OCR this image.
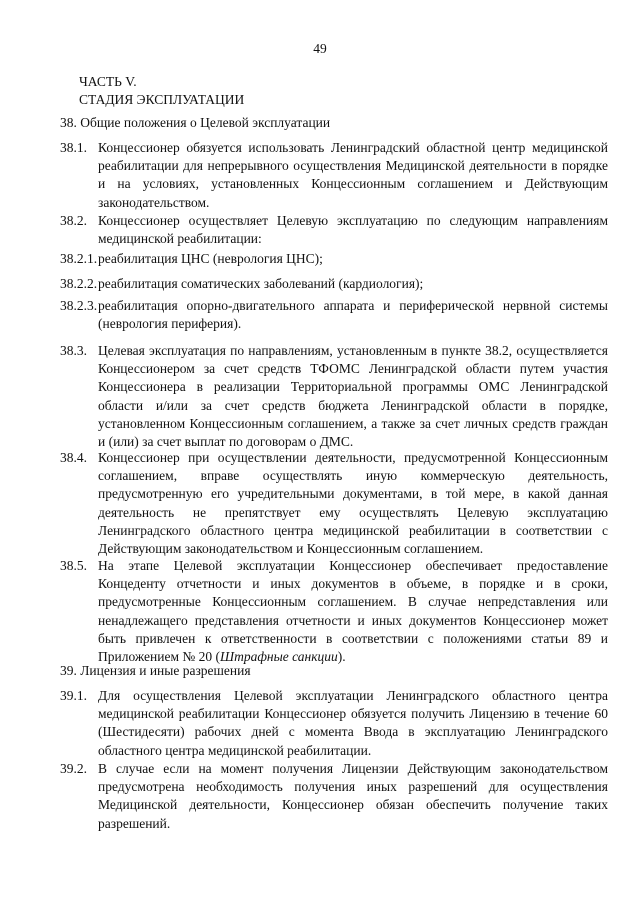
49
ЧАСТЬ V.
СТАДИЯ ЭКСПЛУАТАЦИИ
38. Общие положения о Целевой эксплуатации
38.1. Концессионер обязуется использовать Ленинградский областной центр медицинской реабилитации для непрерывного осуществления Медицинской деятельности в порядке и на условиях, установленных Концессионным соглашением и Действующим законодательством.
38.2. Концессионер осуществляет Целевую эксплуатацию по следующим направлениям медицинской реабилитации:
38.2.1. реабилитация ЦНС (неврология ЦНС);
38.2.2. реабилитация соматических заболеваний (кардиология);
38.2.3. реабилитация опорно-двигательного аппарата и периферической нервной системы (неврология периферия).
38.3. Целевая эксплуатация по направлениям, установленным в пункте 38.2, осуществляется Концессионером за счет средств ТФОМС Ленинградской области путем участия Концессионера в реализации Территориальной программы ОМС Ленинградской области и/или за счет средств бюджета Ленинградской области в порядке, установленном Концессионным соглашением, а также за счет личных средств граждан и (или) за счет выплат по договорам о ДМС.
38.4. Концессионер при осуществлении деятельности, предусмотренной Концессионным соглашением, вправе осуществлять иную коммерческую деятельность, предусмотренную его учредительными документами, в той мере, в какой данная деятельность не препятствует ему осуществлять Целевую эксплуатацию Ленинградского областного центра медицинской реабилитации в соответствии с Действующим законодательством и Концессионным соглашением.
38.5. На этапе Целевой эксплуатации Концессионер обеспечивает предоставление Концеденту отчетности и иных документов в объеме, в порядке и в сроки, предусмотренные Концессионным соглашением. В случае непредставления или ненадлежащего представления отчетности и иных документов Концессионер может быть привлечен к ответственности в соответствии с положениями статьи 89 и Приложением № 20 (Штрафные санкции).
39. Лицензия и иные разрешения
39.1. Для осуществления Целевой эксплуатации Ленинградского областного центра медицинской реабилитации Концессионер обязуется получить Лицензию в течение 60 (Шестидесяти) рабочих дней с момента Ввода в эксплуатацию Ленинградского областного центра медицинской реабилитации.
39.2. В случае если на момент получения Лицензии Действующим законодательством предусмотрена необходимость получения иных разрешений для осуществления Медицинской деятельности, Концессионер обязан обеспечить получение таких разрешений.
